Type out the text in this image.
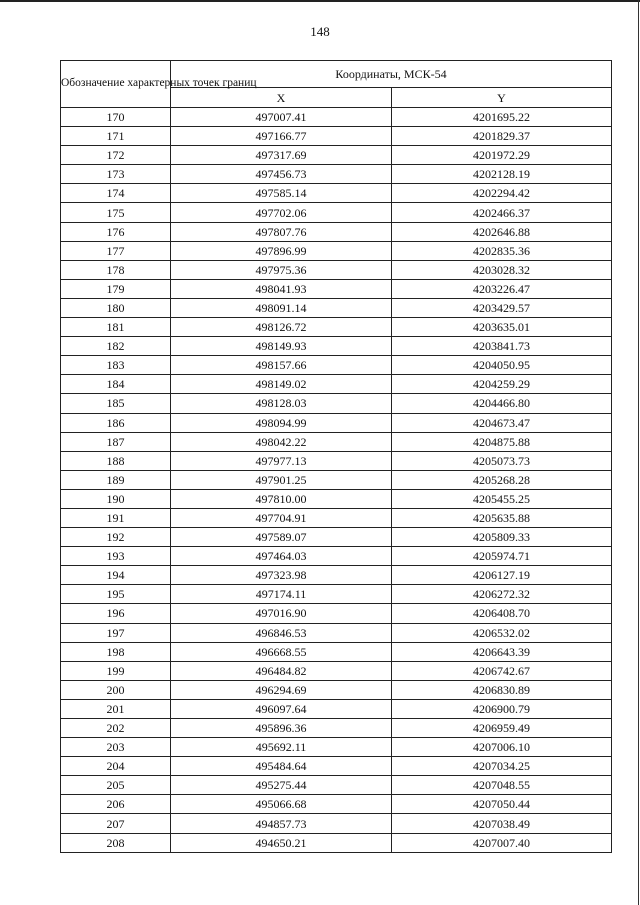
148
Обозначение характерных точек границ	Координаты, МСК-54	
	X	Y
170	497007.41	4201695.22
171	497166.77	4201829.37
172	497317.69	4201972.29
173	497456.73	4202128.19
174	497585.14	4202294.42
175	497702.06	4202466.37
176	497807.76	4202646.88
177	497896.99	4202835.36
178	497975.36	4203028.32
179	498041.93	4203226.47
180	498091.14	4203429.57
181	498126.72	4203635.01
182	498149.93	4203841.73
183	498157.66	4204050.95
184	498149.02	4204259.29
185	498128.03	4204466.80
186	498094.99	4204673.47
187	498042.22	4204875.88
188	497977.13	4205073.73
189	497901.25	4205268.28
190	497810.00	4205455.25
191	497704.91	4205635.88
192	497589.07	4205809.33
193	497464.03	4205974.71
194	497323.98	4206127.19
195	497174.11	4206272.32
196	497016.90	4206408.70
197	496846.53	4206532.02
198	496668.55	4206643.39
199	496484.82	4206742.67
200	496294.69	4206830.89
201	496097.64	4206900.79
202	495896.36	4206959.49
203	495692.11	4207006.10
204	495484.64	4207034.25
205	495275.44	4207048.55
206	495066.68	4207050.44
207	494857.73	4207038.49
208	494650.21	4207007.40
